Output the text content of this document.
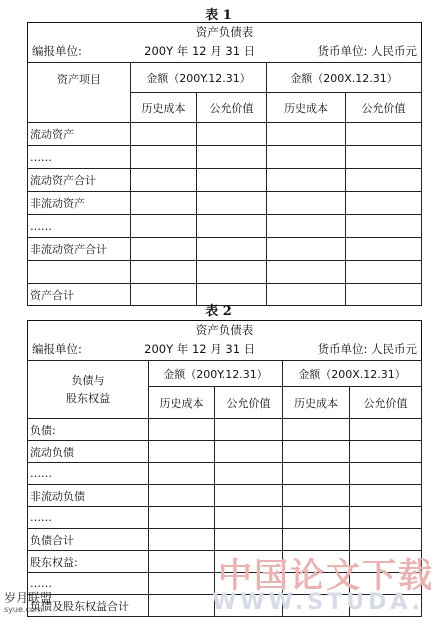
表 1
资产负债表				

编报单位: 200Y 年 12 月 31 日 货币单位: 人民币元				

资产项目	金额（200Y.12.31）		金额（200X.12.31）	
	历史成本	公允价值	历史成本	公允价值
流动资产				
……				
流动资产合计				
非流动资产				
……				
非流动资产合计				

资产合计				
表 2
资产负债表				

编报单位: 200Y 年 12 月 31 日 货币单位: 人民币元				

负债与
股东权益	金额（200Y.12.31）		金额（200X.12.31）	
	历史成本	公允价值	历史成本	公允价值
负债:				
流动负债				
……				
非流动负债				
……				
负债合计				
股东权益:				
……				
负债及股东权益合计				
中国论文下载
WWW.STUDA.
岁月联盟
syue.com
